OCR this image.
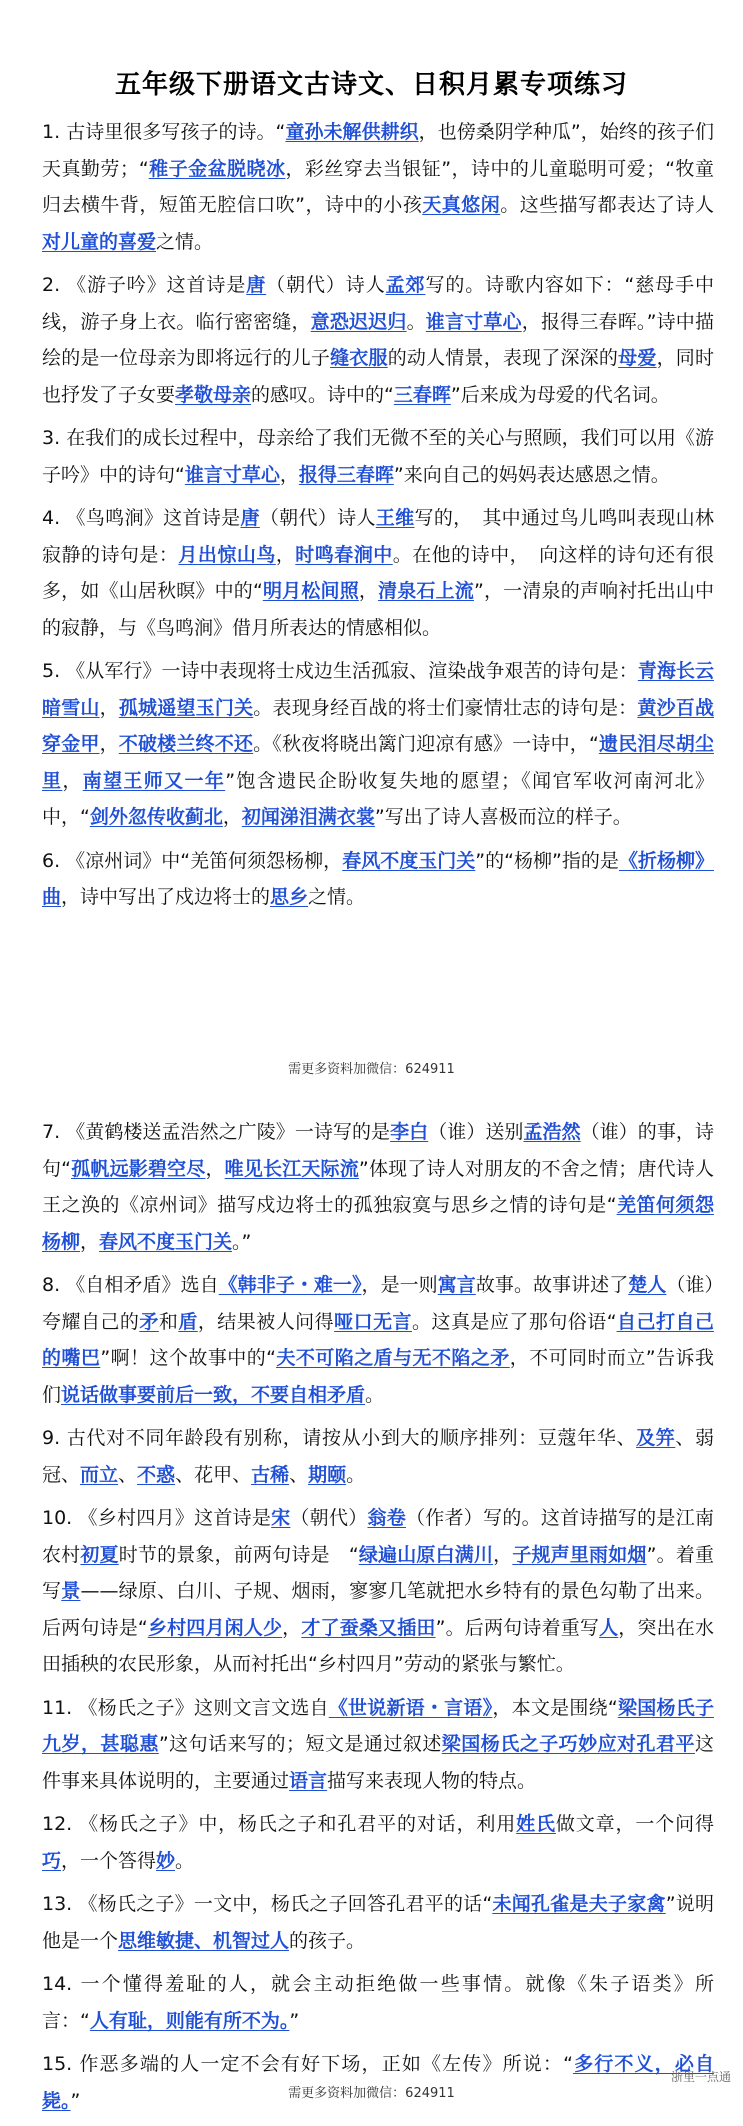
五年级下册语文古诗文、日积月累专项练习

1. 古诗里很多写孩子的诗。“童孙未解供耕织，也傍桑阴学种瓜”，始终的孩子们天真勤劳；“稚子金盆脱晓冰，彩丝穿去当银钲”，诗中的儿童聪明可爱；“牧童归去横牛背，短笛无腔信口吹”，诗中的小孩天真悠闲。这些描写都表达了诗人对儿童的喜爱之情。

2. 《游子吟》这首诗是唐（朝代）诗人孟郊写的。诗歌内容如下：“慈母手中线，游子身上衣。临行密密缝，意恐迟迟归。谁言寸草心，报得三春晖。”诗中描绘的是一位母亲为即将远行的儿子缝衣服的动人情景，表现了深深的母爱，同时也抒发了子女要孝敬母亲的感叹。诗中的“三春晖”后来成为母爱的代名词。

3. 在我们的成长过程中，母亲给了我们无微不至的关心与照顾，我们可以用《游子吟》中的诗句“谁言寸草心，报得三春晖”来向自己的妈妈表达感恩之情。

4. 《鸟鸣涧》这首诗是唐（朝代）诗人王维写的，　其中通过鸟儿鸣叫表现山林寂静的诗句是：月出惊山鸟，时鸣春涧中。在他的诗中，　向这样的诗句还有很多，如《山居秋暝》中的“明月松间照，清泉石上流”，一清泉的声响衬托出山中的寂静，与《鸟鸣涧》借月所表达的情感相似。

5. 《从军行》一诗中表现将士戍边生活孤寂、渲染战争艰苦的诗句是：青海长云暗雪山，孤城遥望玉门关。表现身经百战的将士们豪情壮志的诗句是：黄沙百战穿金甲，不破楼兰终不还。《秋夜将晓出篱门迎凉有感》一诗中，“遗民泪尽胡尘里，南望王师又一年”饱含遗民企盼收复失地的愿望；《闻官军收河南河北》中，“剑外忽传收蓟北，初闻涕泪满衣裳”写出了诗人喜极而泣的样子。

6. 《凉州词》中“羌笛何须怨杨柳，春风不度玉门关”的“杨柳”指的是《折杨柳》曲，诗中写出了戍边将士的思乡之情。

需更多资料加微信：624911

7. 《黄鹤楼送孟浩然之广陵》一诗写的是李白（谁）送别孟浩然（谁）的事，诗句“孤帆远影碧空尽，唯见长江天际流”体现了诗人对朋友的不舍之情；唐代诗人王之涣的《凉州词》描写戍边将士的孤独寂寞与思乡之情的诗句是“羌笛何须怨杨柳，春风不度玉门关。”

8. 《自相矛盾》选自《韩非子・难一》，是一则寓言故事。故事讲述了楚人（谁）夸耀自己的矛和盾，结果被人问得哑口无言。这真是应了那句俗语“自己打自己的嘴巴”啊！这个故事中的“夫不可陷之盾与无不陷之矛，不可同时而立”告诉我们说话做事要前后一致，不要自相矛盾。

9. 古代对不同年龄段有别称，请按从小到大的顺序排列：豆蔻年华、及笄、弱冠、而立、不惑、花甲、古稀、期颐。

10. 《乡村四月》这首诗是宋（朝代）翁卷（作者）写的。这首诗描写的是江南农村初夏时节的景象，前两句诗是　“绿遍山原白满川，子规声里雨如烟”。着重写景——绿原、白川、子规、烟雨，寥寥几笔就把水乡特有的景色勾勒了出来。后两句诗是“乡村四月闲人少，才了蚕桑又插田”。后两句诗着重写人，突出在水田插秧的农民形象，从而衬托出“乡村四月”劳动的紧张与繁忙。

11. 《杨氏之子》这则文言文选自《世说新语・言语》，本文是围绕“梁国杨氏子九岁，甚聪惠”这句话来写的；短文是通过叙述梁国杨氏之子巧妙应对孔君平这件事来具体说明的，主要通过语言描写来表现人物的特点。

12. 《杨氏之子》中，杨氏之子和孔君平的对话，利用姓氏做文章，一个问得巧，一个答得妙。

13. 《杨氏之子》一文中，杨氏之子回答孔君平的话“未闻孔雀是夫子家禽”说明他是一个思维敏捷、机智过人的孩子。

14. 一个懂得羞耻的人，就会主动拒绝做一些事情。就像《朱子语类》所言：“人有耻，则能有所不为。”

15. 作恶多端的人一定不会有好下场，正如《左传》所说：“多行不义，必自毙。”	需更多资料加微信：624911
浙里一点通
